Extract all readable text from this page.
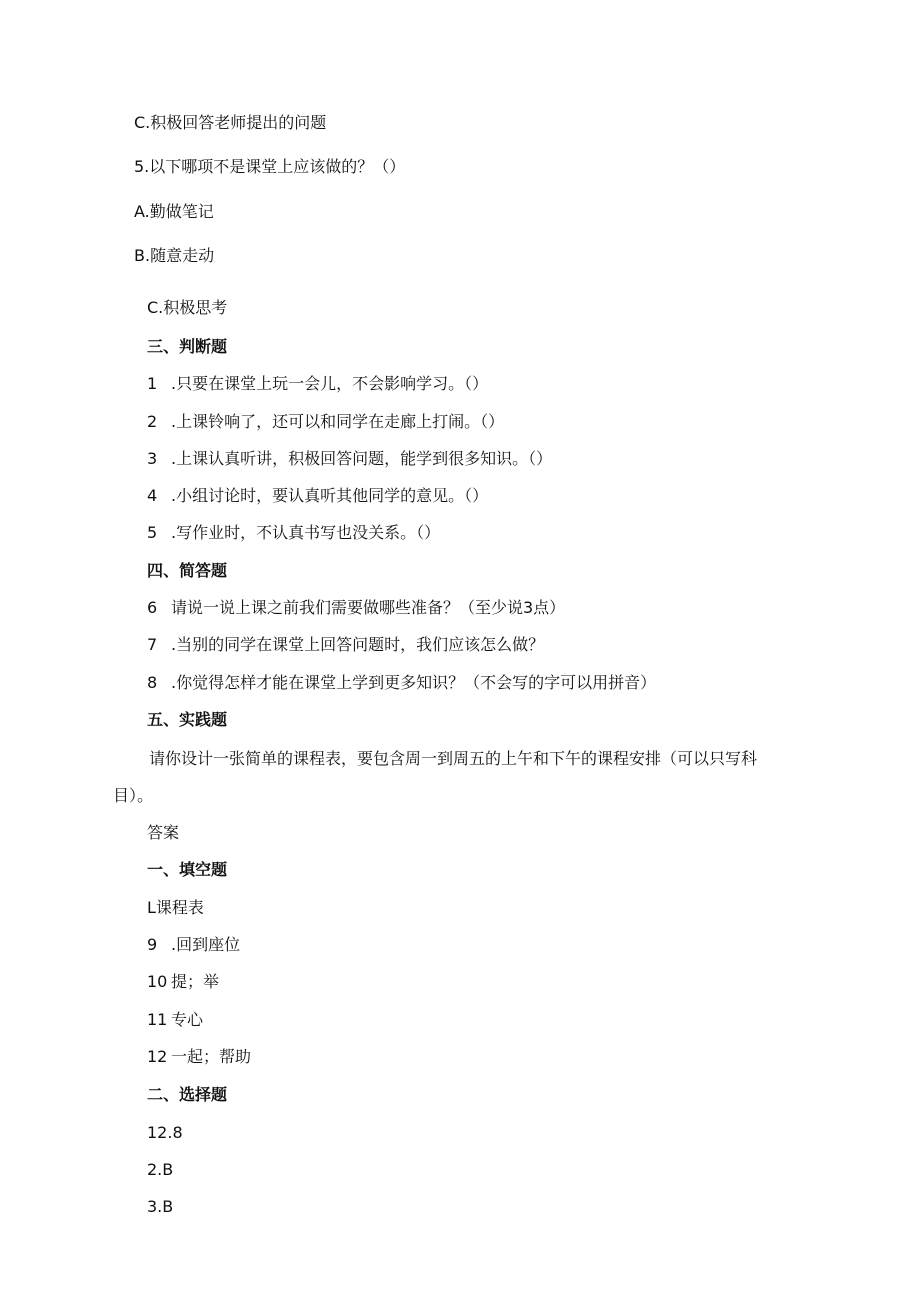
C.积极回答老师提出的问题
5.以下哪项不是课堂上应该做的？（）
A.勤做笔记
B.随意走动
C.积极思考
三、判断题
1 .只要在课堂上玩一会儿，不会影响学习。（）
2 .上课铃响了，还可以和同学在走廊上打闹。（）
3 .上课认真听讲，积极回答问题，能学到很多知识。（）
4 .小组讨论时，要认真听其他同学的意见。（）
5 .写作业时，不认真书写也没关系。（）
四、简答题
6 请说一说上课之前我们需要做哪些准备？（至少说3点）
7 .当别的同学在课堂上回答问题时，我们应该怎么做？
8 .你觉得怎样才能在课堂上学到更多知识？（不会写的字可以用拼音）
五、实践题
请你设计一张简单的课程表，要包含周一到周五的上午和下午的课程安排（可以只写科
目）。
答案
一、填空题
L课程表
9 .回到座位
10 提；举
11 专心
12 一起；帮助
二、选择题
12.8
2.B
3.B
